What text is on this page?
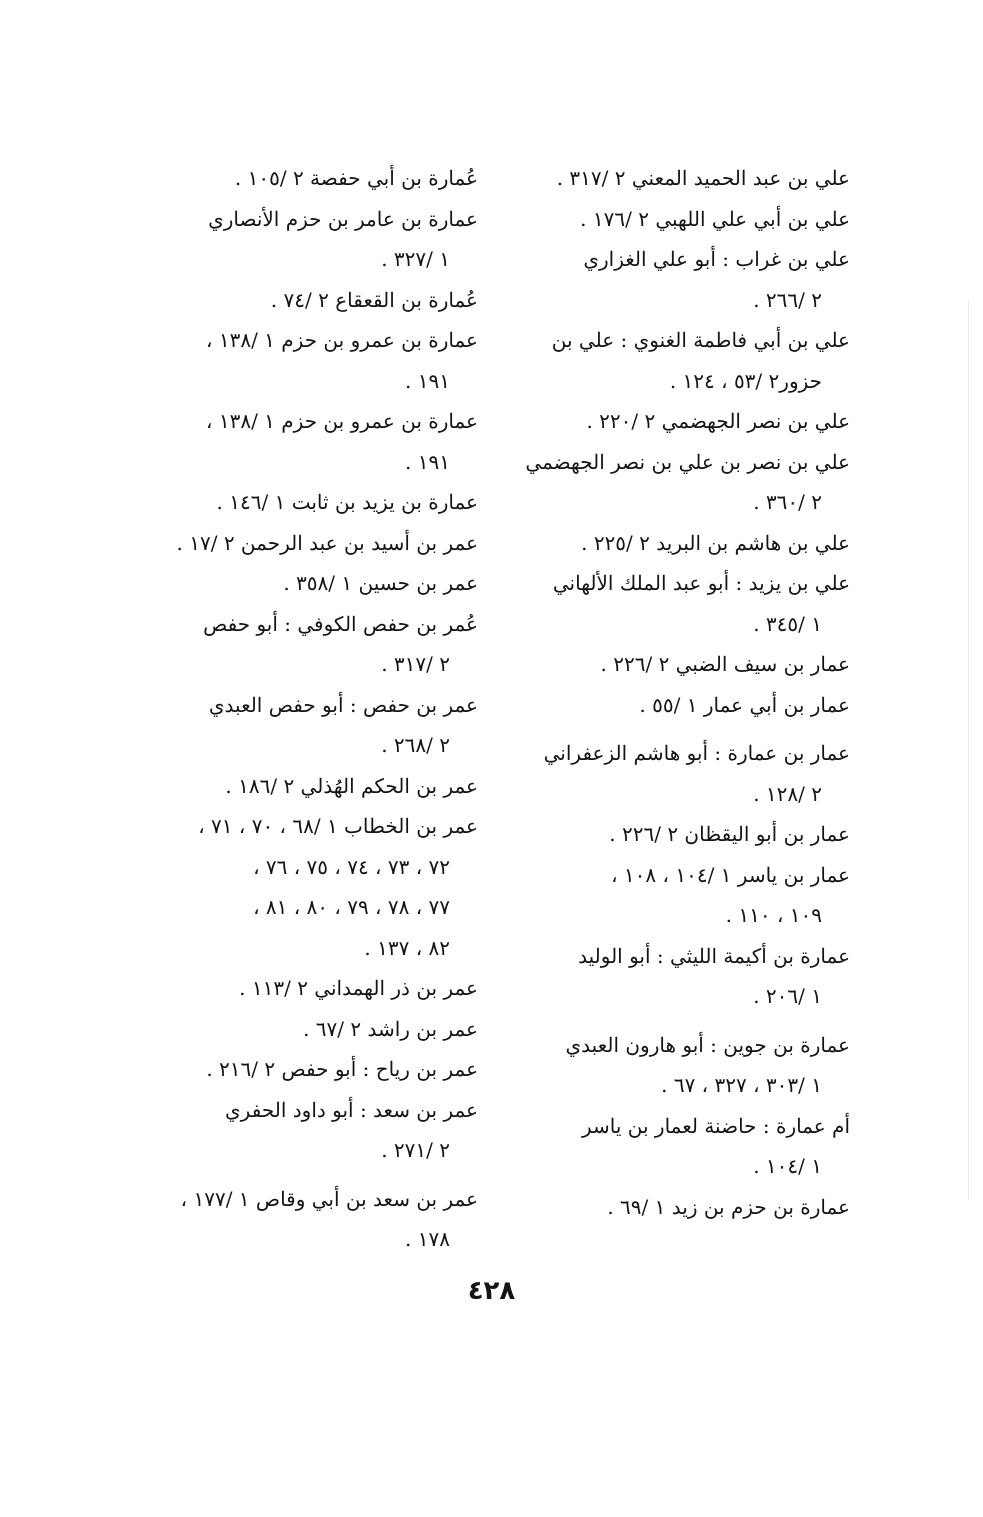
علي بن عبد الحميد المعني ٢ /٣١٧ .

علي بن أبي علي اللهبي ٢ /١٧٦ .

علي بن غراب : أبو علي الغزاري
٢ /٢٦٦ .

علي بن أبي فاطمة الغنوي : علي بن
حزور٢ /٥٣ ، ١٢٤ .

علي بن نصر الجهضمي ٢ /٢٢٠ .

علي بن نصر بن علي بن نصر الجهضمي
٢ /٣٦٠ .

علي بن هاشم بن البريد ٢ /٢٢٥ .

علي بن يزيد : أبو عبد الملك الألهاني
١ /٣٤٥ .

عمار بن سيف الضبي ٢ /٢٢٦ .

عمار بن أبي عمار ١ /٥٥ .

عمار بن عمارة : أبو هاشم الزعفراني
٢ /١٢٨ .

عمار بن أبو اليقظان ٢ /٢٢٦ .

عمار بن ياسر ١ /١٠٤ ، ١٠٨ ،
١٠٩ ، ١١٠ .

عمارة بن أكيمة الليثي : أبو الوليد
١ /٢٠٦ .

عمارة بن جوين : أبو هارون العبدي
١ /٣٠٣ ، ٣٢٧ ، ٦٧ .

أم عمارة : حاضنة لعمار بن ياسر
١ /١٠٤ .

عمارة بن حزم بن زيد ١ /٦٩ .

عُمارة بن أبي حفصة ٢ /١٠٥ .

عمارة بن عامر بن حزم الأنصاري
١ /٣٢٧ .

عُمارة بن القعقاع ٢ /٧٤ .

عمارة بن عمرو بن حزم ١ /١٣٨ ،
١٩١ .

عمارة بن عمرو بن حزم ١ /١٣٨ ،
١٩١ .

عمارة بن يزيد بن ثابت ١ /١٤٦ .

عمر بن أسيد بن عبد الرحمن ٢ /١٧ .

عمر بن حسين ١ /٣٥٨ .

عُمر بن حفص الكوفي : أبو حفص
٢ /٣١٧ .

عمر بن حفص : أبو حفص العبدي
٢ /٢٦٨ .

عمر بن الحكم الهُذلي ٢ /١٨٦ .

عمر بن الخطاب ١ /٦٨ ، ٧٠ ، ٧١ ،
٧٢ ، ٧٣ ، ٧٤ ، ٧٥ ، ٧٦ ،
٧٧ ، ٧٨ ، ٧٩ ، ٨٠ ، ٨١ ،
٨٢ ، ١٣٧ .

عمر بن ذر الهمداني ٢ /١١٣ .

عمر بن راشد ٢ /٦٧ .

عمر بن رياح : أبو حفص ٢ /٢١٦ .

عمر بن سعد : أبو داود الحفري
٢ /٢٧١ .

عمر بن سعد بن أبي وقاص ١ /١٧٧ ،
١٧٨ .

٤٢٨
